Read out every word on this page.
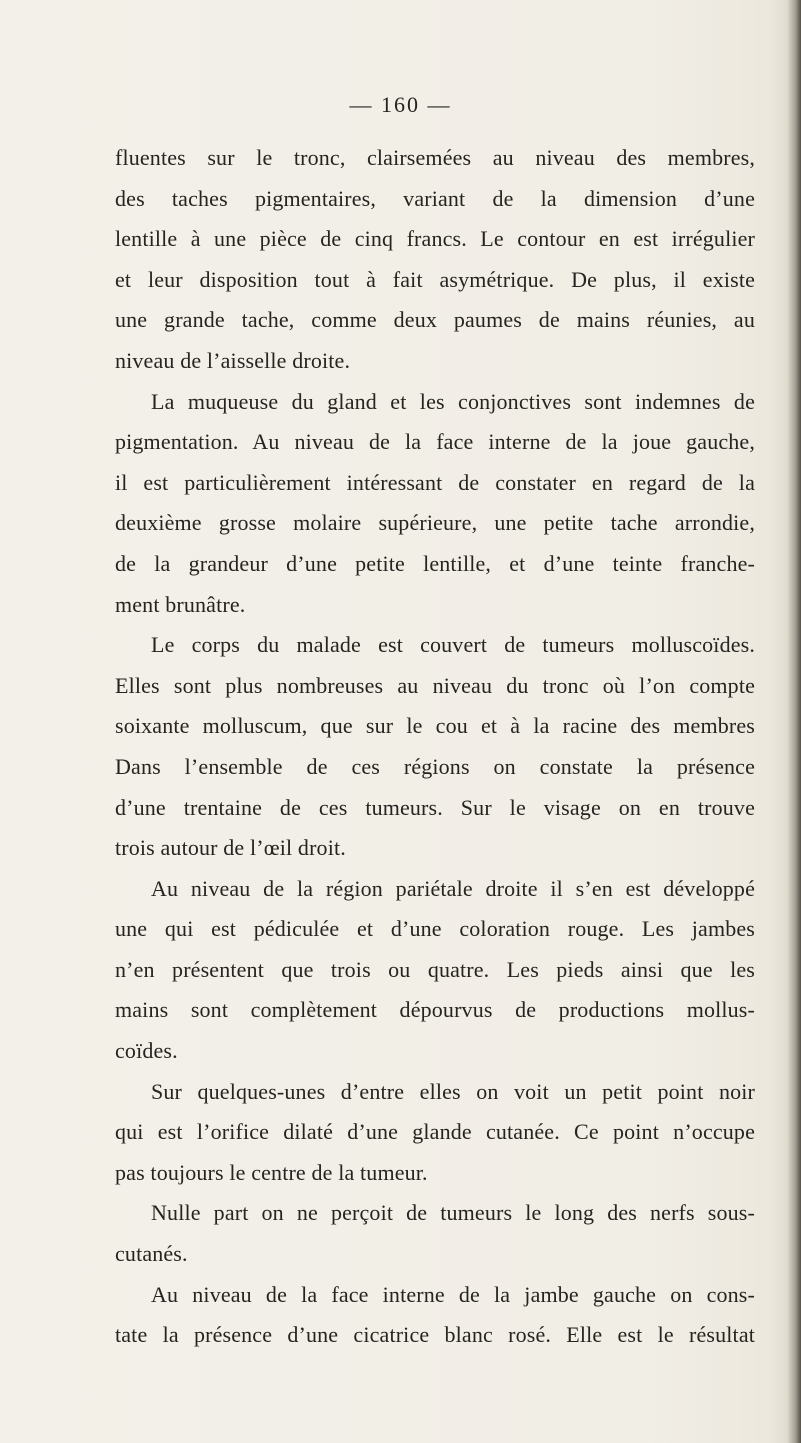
— 160 —
fluentes sur le tronc, clairsemées au niveau des membres,
des taches pigmentaires, variant de la dimension d’une
lentille à une pièce de cinq francs. Le contour en est irrégulier
et leur disposition tout à fait asymétrique. De plus, il existe
une grande tache, comme deux paumes de mains réunies, au
niveau de l’aisselle droite.
La muqueuse du gland et les conjonctives sont indemnes de
pigmentation. Au niveau de la face interne de la joue gauche,
il est particulièrement intéressant de constater en regard de la
deuxième grosse molaire supérieure, une petite tache arrondie,
de la grandeur d’une petite lentille, et d’une teinte franche-
ment brunâtre.
Le corps du malade est couvert de tumeurs molluscoïdes.
Elles sont plus nombreuses au niveau du tronc où l’on compte
soixante molluscum, que sur le cou et à la racine des membres
Dans l’ensemble de ces régions on constate la présence
d’une trentaine de ces tumeurs. Sur le visage on en trouve
trois autour de l’œil droit.
Au niveau de la région pariétale droite il s’en est développé
une qui est pédiculée et d’une coloration rouge. Les jambes
n’en présentent que trois ou quatre. Les pieds ainsi que les
mains sont complètement dépourvus de productions mollus-
coïdes.
Sur quelques-unes d’entre elles on voit un petit point noir
qui est l’orifice dilaté d’une glande cutanée. Ce point n’occupe
pas toujours le centre de la tumeur.
Nulle part on ne perçoit de tumeurs le long des nerfs sous-
cutanés.
Au niveau de la face interne de la jambe gauche on cons-
tate la présence d’une cicatrice blanc rosé. Elle est le résultat
